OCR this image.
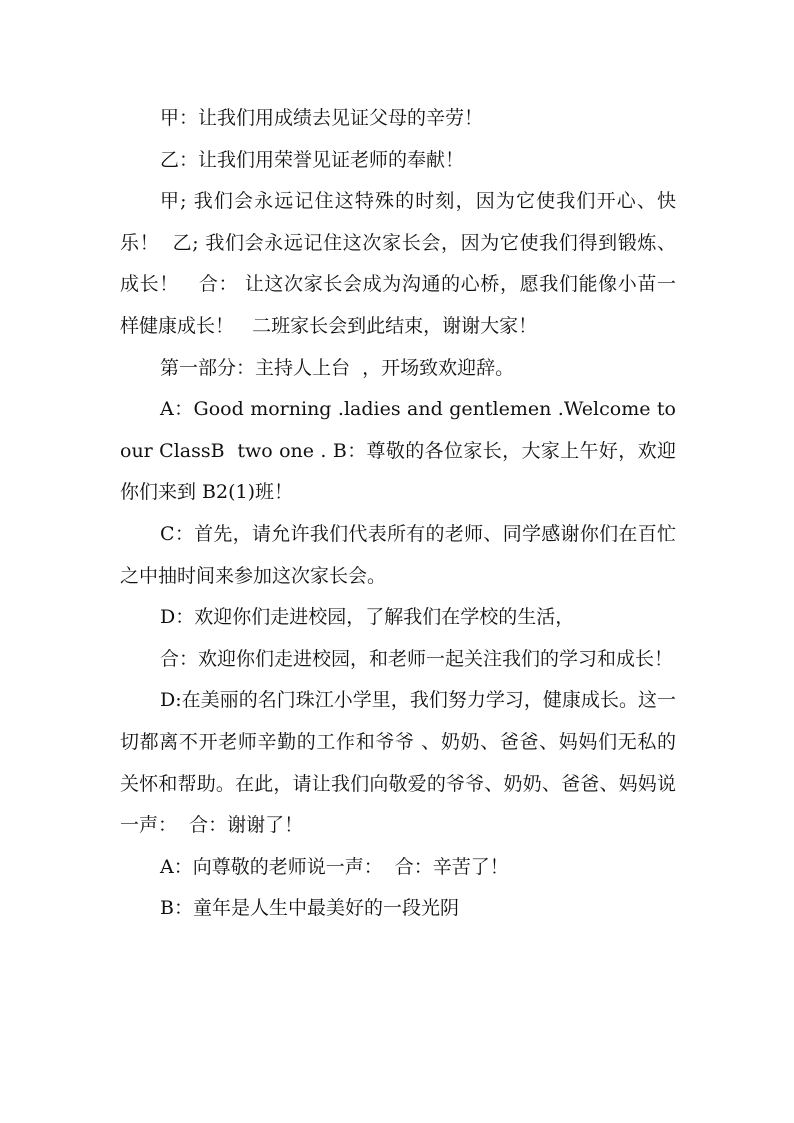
甲：让我们用成绩去见证父母的辛劳！

乙：让我们用荣誉见证老师的奉献！

甲; 我们会永远记住这特殊的时刻，因为它使我们开心、快乐！  乙; 我们会永远记住这次家长会，因为它使我们得到锻炼、成长！   合： 让这次家长会成为沟通的心桥，愿我们能像小苗一样健康成长！   二班家长会到此结束，谢谢大家！

第一部分：主持人上台  ，开场致欢迎辞。

A：Good morning .ladies and gentlemen .Welcome to our ClassB  two one . B：尊敬的各位家长，大家上午好，欢迎你们来到 B2(1)班！

C：首先，请允许我们代表所有的老师、同学感谢你们在百忙之中抽时间来参加这次家长会。

D：欢迎你们走进校园，了解我们在学校的生活，

合：欢迎你们走进校园，和老师一起关注我们的学习和成长！

D:在美丽的名门珠江小学里，我们努力学习，健康成长。这一切都离不开老师辛勤的工作和爷爷 、奶奶、爸爸、妈妈们无私的关怀和帮助。在此，请让我们向敬爱的爷爷、奶奶、爸爸、妈妈说一声：  合：谢谢了！

A：向尊敬的老师说一声：  合：辛苦了！

B：童年是人生中最美好的一段光阴
